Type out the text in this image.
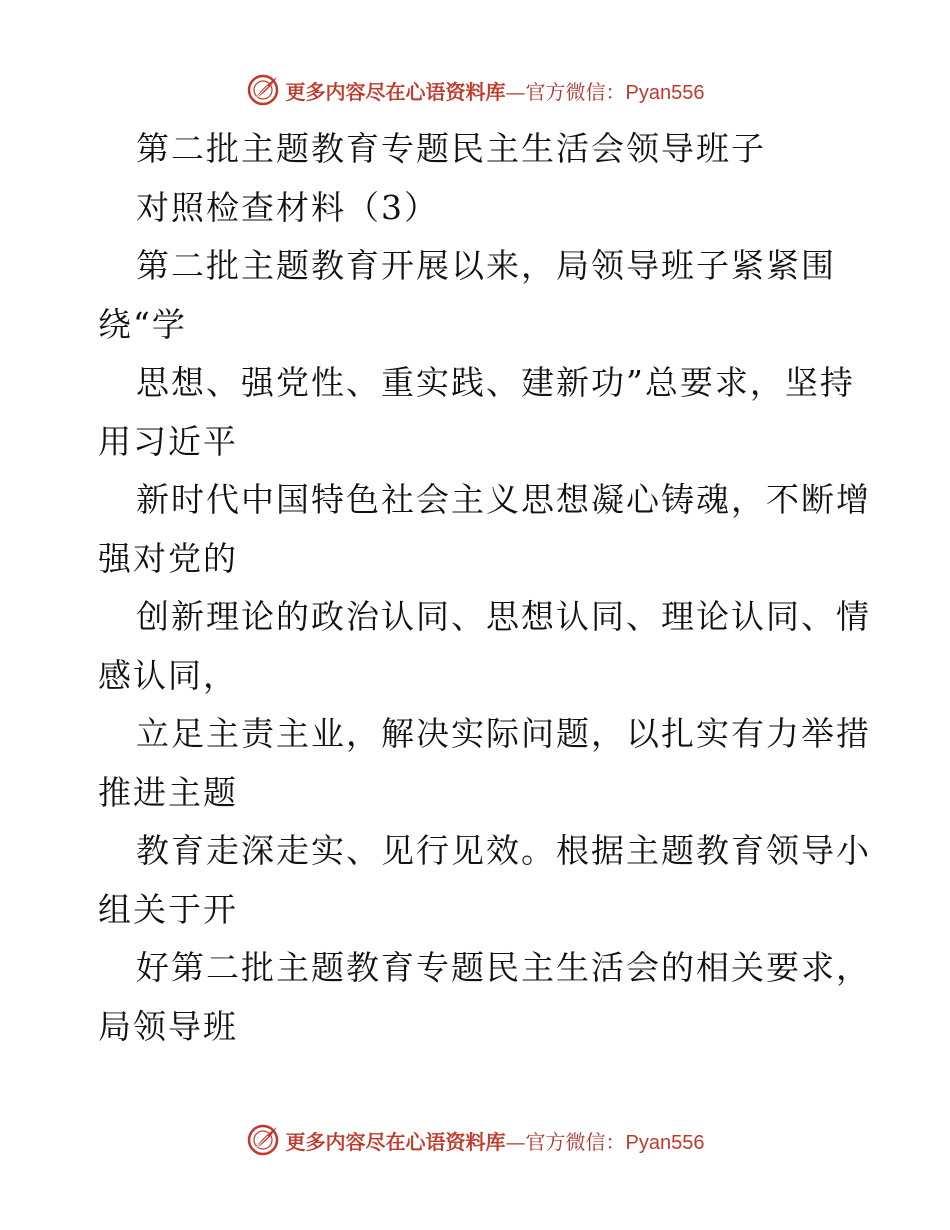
更多内容尽在心语资料库—官方微信：Pyan556
第二批主题教育专题民主生活会领导班子
对照检查材料（3）
第二批主题教育开展以来，局领导班子紧紧围
绕“学
思想、强党性、重实践、建新功”总要求，坚持
用习近平
新时代中国特色社会主义思想凝心铸魂，不断增
强对党的
创新理论的政治认同、思想认同、理论认同、情
感认同，
立足主责主业，解决实际问题，以扎实有力举措
推进主题
教育走深走实、见行见效。根据主题教育领导小
组关于开
好第二批主题教育专题民主生活会的相关要求，
局领导班
更多内容尽在心语资料库—官方微信：Pyan556
